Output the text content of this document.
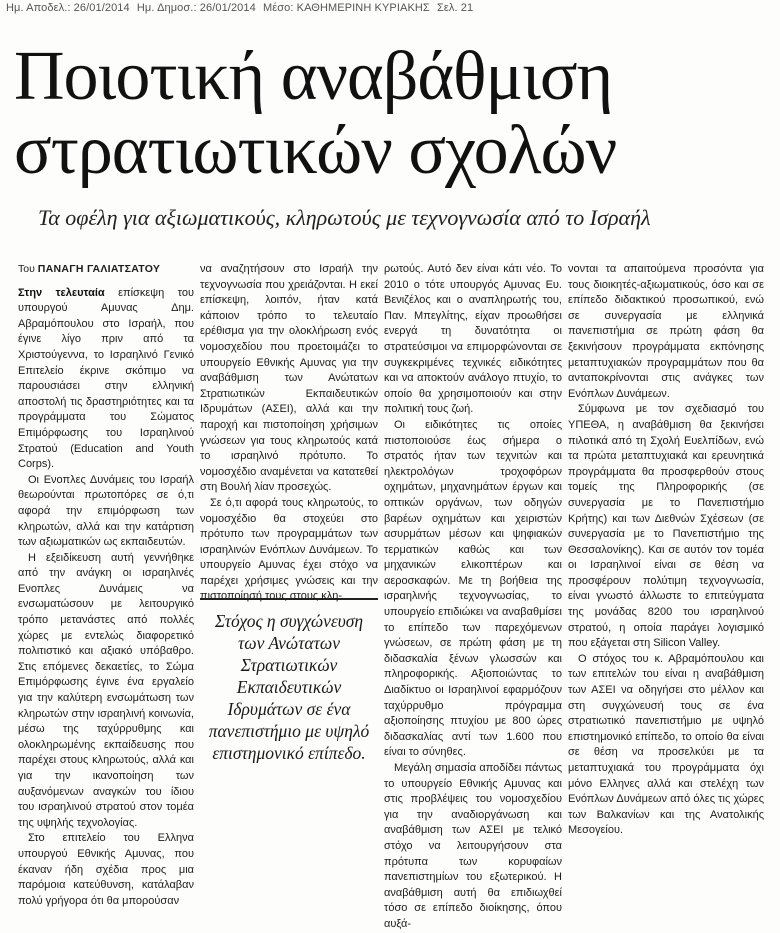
Ημ. Αποδελ.: 26/01/2014 Ημ. Δημοσ.: 26/01/2014 Μέσο: ΚΑΘΗΜΕΡΙΝΗ ΚΥΡΙΑΚΗΣ Σελ. 21
Ποιοτική αναβάθμιση
στρατιωτικών σχολών
Τα οφέλη για αξιωματικούς, κληρωτούς με τεχνογνωσία από το Ισραήλ

Του ΠΑΝΑΓΗ ΓΑΛΙΑΤΣΑΤΟΥ

Στην τελευταία επίσκεψη του υπουργού Αμυνας Δημ. Αβραμόπουλου στο Ισραήλ, που έγινε λίγο πριν από τα Χριστούγεννα, το Ισραηλινό Γενικό Επιτελείο έκρινε σκόπιμο να παρουσιάσει στην ελληνική αποστολή τις δραστηριότητες και τα προγράμματα του Σώματος Επιμόρφωσης του Ισραηλινού Στρατού (Education and Youth Corps).

Οι Ενοπλες Δυνάμεις του Ισραήλ θεωρούνται πρωτοπόρες σε ό,τι αφορά την επιμόρφωση των κληρωτών, αλλά και την κατάρτιση των αξιωματικών ως εκπαιδευτών.

Η εξειδίκευση αυτή γεννήθηκε από την ανάγκη οι ισραηλινές Ενοπλες Δυνάμεις να ενσωματώσουν με λειτουργικό τρόπο μετανάστες από πολλές χώρες με εντελώς διαφορετικό πολιτιστικό και αξιακό υπόβαθρο. Στις επόμενες δεκαετίες, το Σώμα Επιμόρφωσης έγινε ένα εργαλείο για την καλύτερη ενσωμάτωση των κληρωτών στην ισραηλινή κοινωνία, μέσω της ταχύρρυθμης και ολοκληρωμένης εκπαίδευσης που παρέχει στους κληρωτούς, αλλά και για την ικανοποίηση των αυξανόμενων αναγκών του ίδιου του ισραηλινού στρατού στον τομέα της υψηλής τεχνολογίας.

Στο επιτελείο του Ελληνα υπουργού Εθνικής Αμυνας, που έκαναν ήδη σχέδια προς μια παρόμοια κατεύθυνση, κατάλαβαν πολύ γρήγορα ότι θα μπορούσαν

να αναζητήσουν στο Ισραήλ την τεχνογνωσία που χρειάζονται. Η εκεί επίσκεψη, λοιπόν, ήταν κατά κάποιον τρόπο το τελευταίο ερέθισμα για την ολοκλήρωση ενός νομοσχεδίου που προετοιμάζει το υπουργείο Εθνικής Αμυνας για την αναβάθμιση των Ανώτατων Στρατιωτικών Εκπαιδευτικών Ιδρυμάτων (ΑΣΕΙ), αλλά και την παροχή και πιστοποίηση χρήσιμων γνώσεων για τους κληρωτούς κατά το ισραηλινό πρότυπο. Το νομοσχέδιο αναμένεται να κατατεθεί στη Βουλή λίαν προσεχώς.

Σε ό,τι αφορά τους κληρωτούς, το νομοσχέδιο θα στοχεύει στο πρότυπο των προγραμμάτων των ισραηλινών Ενόπλων Δυνάμεων. Το υπουργείο Αμυνας έχει στόχο να παρέχει χρήσιμες γνώσεις και την πιστοποίησή τους στους κλη-

Στόχος η συγχώνευση των Ανώτατων Στρατιωτικών Εκπαιδευτικών Ιδρυμάτων σε ένα πανεπιστήμιο με υψηλό επιστημονικό επίπεδο.

ρωτούς. Αυτό δεν είναι κάτι νέο. Το 2010 ο τότε υπουργός Αμυνας Ευ. Βενιζέλος και ο αναπληρωτής του, Παν. Μπεγλίτης, είχαν προωθήσει ενεργά τη δυνατότητα οι στρατεύσιμοι να επιμορφώνονται σε συγκεκριμένες τεχνικές ειδικότητες και να αποκτούν ανάλογο πτυχίο, το οποίο θα χρησιμοποιούν και στην πολιτική τους ζωή.

Οι ειδικότητες τις οποίες πιστοποιούσε έως σήμερα ο στρατός ήταν των τεχνιτών και ηλεκτρολόγων τροχοφόρων οχημάτων, μηχανημάτων έργων και οπτικών οργάνων, των οδηγών βαρέων οχημάτων και χειριστών ασυρμάτων μέσων και ψηφιακών τερματικών καθώς και των μηχανικών ελικοπτέρων και αεροσκαφών. Με τη βοήθεια της ισραηλινής τεχνογνωσίας, το υπουργείο επιδιώκει να αναβαθμίσει το επίπεδο των παρεχόμενων γνώσεων, σε πρώτη φάση με τη διδασκαλία ξένων γλωσσών και πληροφορικής. Αξιοποιώντας το Διαδίκτυο οι Ισραηλινοί εφαρμόζουν ταχύρρυθμο πρόγραμμα αξιοποίησης πτυχίου με 800 ώρες διδασκαλίας αντί των 1.600 που είναι το σύνηθες.

Μεγάλη σημασία αποδίδει πάντως το υπουργείο Εθνικής Αμυνας και στις προβλέψεις του νομοσχεδίου για την αναδιοργάνωση και αναβάθμιση των ΑΣΕΙ με τελικό στόχο να λειτουργήσουν στα πρότυπα των κορυφαίων πανεπιστημίων του εξωτερικού. Η αναβάθμιση αυτή θα επιδιωχθεί τόσο σε επίπεδο διοίκησης, όπου αυξά-

νονται τα απαιτούμενα προσόντα για τους διοικητές-αξιωματικούς, όσο και σε επίπεδο διδακτικού προσωπικού, ενώ σε συνεργασία με ελληνικά πανεπιστήμια σε πρώτη φάση θα ξεκινήσουν προγράμματα εκπόνησης μεταπτυχιακών προγραμμάτων που θα ανταποκρίνονται στις ανάγκες των Ενόπλων Δυνάμεων.

Σύμφωνα με τον σχεδιασμό του ΥΠΕΘΑ, η αναβάθμιση θα ξεκινήσει πιλοτικά από τη Σχολή Ευελπίδων, ενώ τα πρώτα μεταπτυχιακά και ερευνητικά προγράμματα θα προσφερθούν στους τομείς της Πληροφορικής (σε συνεργασία με το Πανεπιστήμιο Κρήτης) και των Διεθνών Σχέσεων (σε συνεργασία με το Πανεπιστήμιο της Θεσσαλονίκης). Και σε αυτόν τον τομέα οι Ισραηλινοί είναι σε θέση να προσφέρουν πολύτιμη τεχνογνωσία, είναι γνωστό άλλωστε το επιτεύγματα της μονάδας 8200 του ισραηλινού στρατού, η οποία παράγει λογισμικό που εξάγεται στη Silicon Valley.

Ο στόχος του κ. Αβραμόπουλου και των επιτελών του είναι η αναβάθμιση των ΑΣΕΙ να οδηγήσει στο μέλλον και στη συγχώνευσή τους σε ένα στρατιωτικό πανεπιστήμιο με υψηλό επιστημονικό επίπεδο, το οποίο θα είναι σε θέση να προσελκύει με τα μεταπτυχιακά του προγράμματα όχι μόνο Ελληνες αλλά και στελέχη των Ενόπλων Δυνάμεων από όλες τις χώρες των Βαλκανίων και της Ανατολικής Μεσογείου.
